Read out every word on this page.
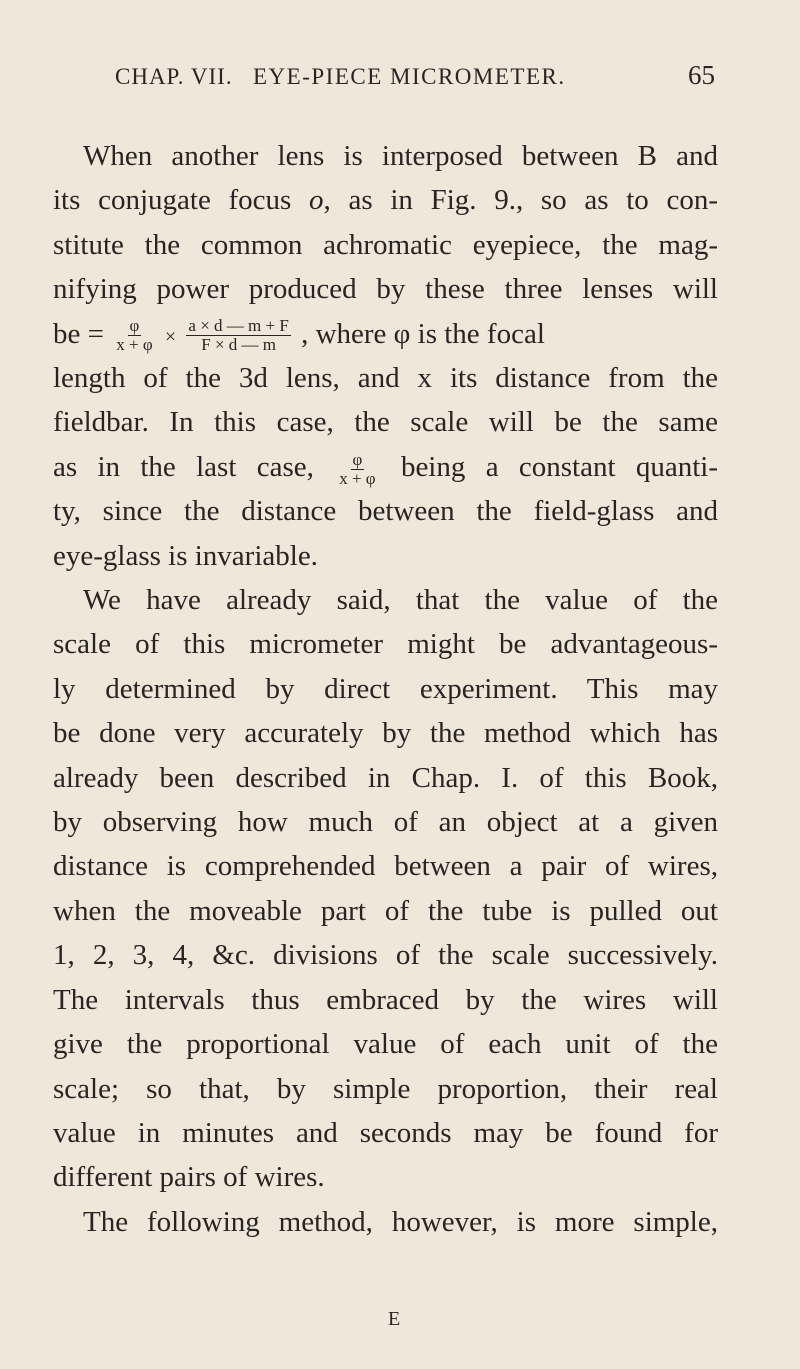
CHAP. VII. EYE-PIECE MICROMETER.	65
When another lens is interposed between B and
its conjugate focus o, as in Fig. 9., so as to con-
stitute the common achromatic eyepiece, the mag-
nifying power produced by these three lenses will
be = $\frac{\varphi}{x + \varphi} \times \frac{a \times d — m + F}{F \times d — m}$ , where φ is the focal
length of the 3d lens, and x its distance from the
fieldbar. In this case, the scale will be the same
as in the last case, $\frac{\varphi}{x + \varphi}$ being a constant quanti-
ty, since the distance between the field-glass and
eye-glass is invariable.
We have already said, that the value of the
scale of this micrometer might be advantageous-
ly determined by direct experiment. This may
be done very accurately by the method which has
already been described in Chap. I. of this Book,
by observing how much of an object at a given
distance is comprehended between a pair of wires,
when the moveable part of the tube is pulled out
1, 2, 3, 4, &c. divisions of the scale successively.
The intervals thus embraced by the wires will
give the proportional value of each unit of the
scale; so that, by simple proportion, their real
value in minutes and seconds may be found for
different pairs of wires.
The following method, however, is more simple,
E
